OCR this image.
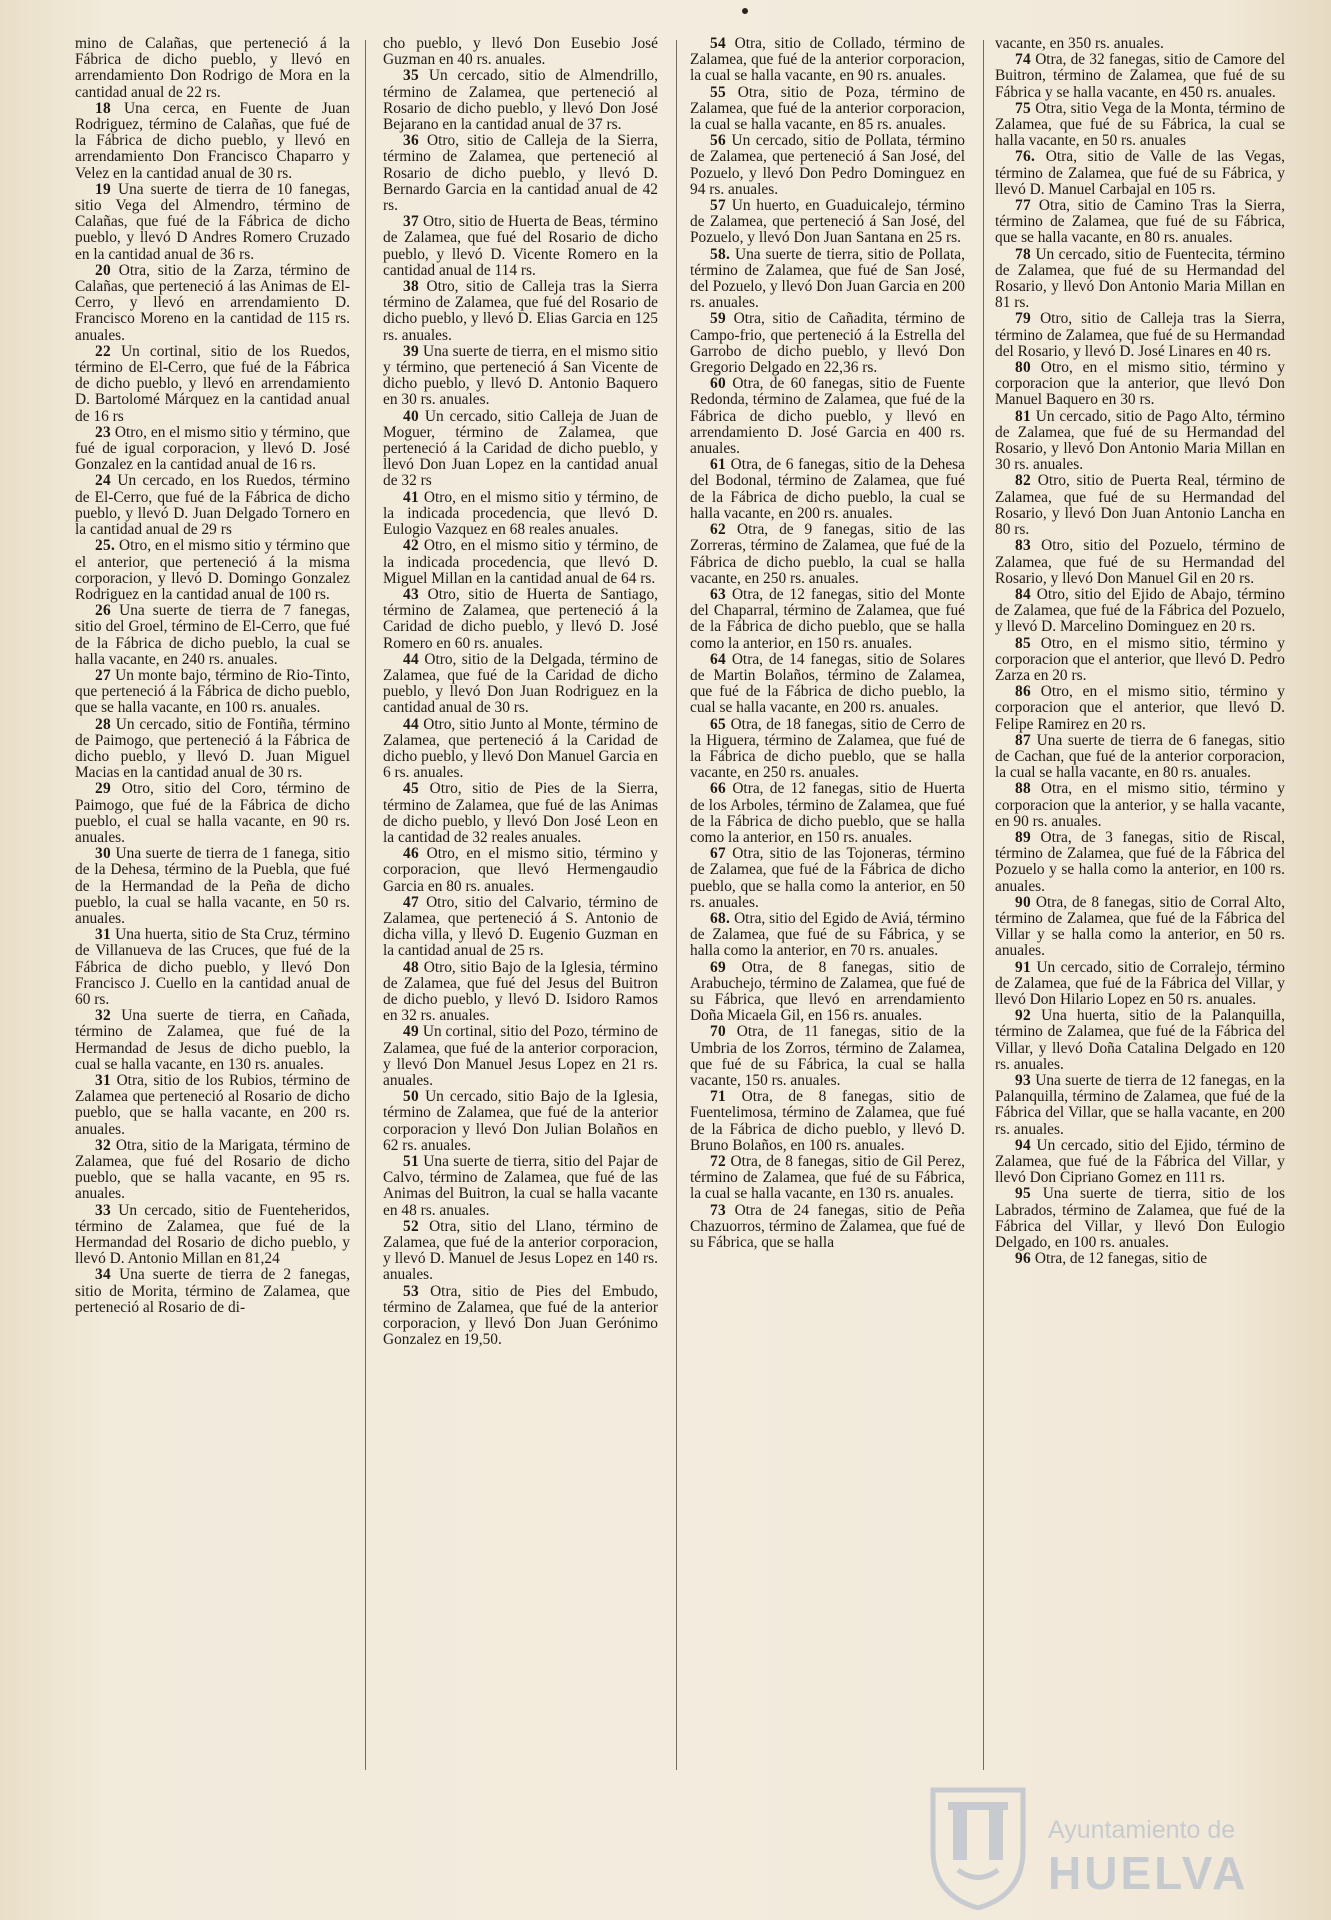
mino de Calañas, que perteneció á la Fábrica de dicho pueblo, y llevó en arrendamiento Don Rodrigo de Mora en la cantidad anual de 22 rs.

18 Una cerca, en Fuente de Juan Rodriguez, término de Calañas, que fué de la Fábrica de dicho pueblo, y llevó en arrendamiento Don Francisco Chaparro y Velez en la cantidad anual de 30 rs.

19 Una suerte de tierra de 10 fanegas, sitio Vega del Almendro, término de Calañas, que fué de la Fábrica de dicho pueblo, y llevó D Andres Romero Cruzado en la cantidad anual de 36 rs.

20 Otra, sitio de la Zarza, término de Calañas, que perteneció á las Animas de El-Cerro, y llevó en arrendamiento D. Francisco Moreno en la cantidad de 115 rs. anuales.

22 Un cortinal, sitio de los Ruedos, término de El-Cerro, que fué de la Fábrica de dicho pueblo, y llevó en arrendamiento D. Bartolomé Márquez en la cantidad anual de 16 rs

23 Otro, en el mismo sitio y término, que fué de igual corporacion, y llevó D. José Gonzalez en la cantidad anual de 16 rs.

24 Un cercado, en los Ruedos, término de El-Cerro, que fué de la Fábrica de dicho pueblo, y llevó D. Juan Delgado Tornero en la cantidad anual de 29 rs

25. Otro, en el mismo sitio y término que el anterior, que perteneció á la misma corporacion, y llevó D. Domingo Gonzalez Rodriguez en la cantidad anual de 100 rs.

26 Una suerte de tierra de 7 fanegas, sitio del Groel, término de El-Cerro, que fué de la Fábrica de dicho pueblo, la cual se halla vacante, en 240 rs. anuales.

27 Un monte bajo, término de Rio-Tinto, que perteneció á la Fábrica de dicho pueblo, que se halla vacante, en 100 rs. anuales.

28 Un cercado, sitio de Fontiña, término de Paimogo, que perteneció á la Fábrica de dicho pueblo, y llevó D. Juan Miguel Macias en la cantidad anual de 30 rs.

29 Otro, sitio del Coro, término de Paimogo, que fué de la Fábrica de dicho pueblo, el cual se halla vacante, en 90 rs. anuales.

30 Una suerte de tierra de 1 fanega, sitio de la Dehesa, término de la Puebla, que fué de la Hermandad de la Peña de dicho pueblo, la cual se halla vacante, en 50 rs. anuales.

31 Una huerta, sitio de Sta Cruz, término de Villanueva de las Cruces, que fué de la Fábrica de dicho pueblo, y llevó Don Francisco J. Cuello en la cantidad anual de 60 rs.

32 Una suerte de tierra, en Cañada, término de Zalamea, que fué de la Hermandad de Jesus de dicho pueblo, la cual se halla vacante, en 130 rs. anuales.

31 Otra, sitio de los Rubios, término de Zalamea que perteneció al Rosario de dicho pueblo, que se halla vacante, en 200 rs. anuales.

32 Otra, sitio de la Marigata, término de Zalamea, que fué del Rosario de dicho pueblo, que se halla vacante, en 95 rs. anuales.

33 Un cercado, sitio de Fuenteheridos, término de Zalamea, que fué de la Hermandad del Rosario de dicho pueblo, y llevó D. Antonio Millan en 81,24

34 Una suerte de tierra de 2 fanegas, sitio de Morita, término de Zalamea, que perteneció al Rosario de di-

cho pueblo, y llevó Don Eusebio José Guzman en 40 rs. anuales.

35 Un cercado, sitio de Almendrillo, término de Zalamea, que perteneció al Rosario de dicho pueblo, y llevó Don José Bejarano en la cantidad anual de 37 rs.

36 Otro, sitio de Calleja de la Sierra, término de Zalamea, que perteneció al Rosario de dicho pueblo, y llevó D. Bernardo Garcia en la cantidad anual de 42 rs.

37 Otro, sitio de Huerta de Beas, término de Zalamea, que fué del Rosario de dicho pueblo, y llevó D. Vicente Romero en la cantidad anual de 114 rs.

38 Otro, sitio de Calleja tras la Sierra término de Zalamea, que fué del Rosario de dicho pueblo, y llevó D. Elias Garcia en 125 rs. anuales.

39 Una suerte de tierra, en el mismo sitio y término, que perteneció á San Vicente de dicho pueblo, y llevó D. Antonio Baquero en 30 rs. anuales.

40 Un cercado, sitio Calleja de Juan de Moguer, término de Zalamea, que perteneció á la Caridad de dicho pueblo, y llevó Don Juan Lopez en la cantidad anual de 32 rs

41 Otro, en el mismo sitio y término, de la indicada procedencia, que llevó D. Eulogio Vazquez en 68 reales anuales.

42 Otro, en el mismo sitio y término, de la indicada procedencia, que llevó D. Miguel Millan en la cantidad anual de 64 rs.

43 Otro, sitio de Huerta de Santiago, término de Zalamea, que perteneció á la Caridad de dicho pueblo, y llevó D. José Romero en 60 rs. anuales.

44 Otro, sitio de la Delgada, término de Zalamea, que fué de la Caridad de dicho pueblo, y llevó Don Juan Rodriguez en la cantidad anual de 30 rs.

44 Otro, sitio Junto al Monte, término de Zalamea, que perteneció á la Caridad de dicho pueblo, y llevó Don Manuel Garcia en 6 rs. anuales.

45 Otro, sitio de Pies de la Sierra, término de Zalamea, que fué de las Animas de dicho pueblo, y llevó Don José Leon en la cantidad de 32 reales anuales.

46 Otro, en el mismo sitio, término y corporacion, que llevó Hermengaudio Garcia en 80 rs. anuales.

47 Otro, sitio del Calvario, término de Zalamea, que perteneció á S. Antonio de dicha villa, y llevó D. Eugenio Guzman en la cantidad anual de 25 rs.

48 Otro, sitio Bajo de la Iglesia, término de Zalamea, que fué del Jesus del Buitron de dicho pueblo, y llevó D. Isidoro Ramos en 32 rs. anuales.

49 Un cortinal, sitio del Pozo, término de Zalamea, que fué de la anterior corporacion, y llevó Don Manuel Jesus Lopez en 21 rs. anuales.

50 Un cercado, sitio Bajo de la Iglesia, término de Zalamea, que fué de la anterior corporacion y llevó Don Julian Bolaños en 62 rs. anuales.

51 Una suerte de tierra, sitio del Pajar de Calvo, término de Zalamea, que fué de las Animas del Buitron, la cual se halla vacante en 48 rs. anuales.

52 Otra, sitio del Llano, término de Zalamea, que fué de la anterior corporacion, y llevó D. Manuel de Jesus Lopez en 140 rs. anuales.

53 Otra, sitio de Pies del Embudo, término de Zalamea, que fué de la anterior corporacion, y llevó Don Juan Gerónimo Gonzalez en 19,50.

54 Otra, sitio de Collado, término de Zalamea, que fué de la anterior corporacion, la cual se halla vacante, en 90 rs. anuales.

55 Otra, sitio de Poza, término de Zalamea, que fué de la anterior corporacion, la cual se halla vacante, en 85 rs. anuales.

56 Un cercado, sitio de Pollata, término de Zalamea, que perteneció á San José, del Pozuelo, y llevó Don Pedro Dominguez en 94 rs. anuales.

57 Un huerto, en Guaduicalejo, término de Zalamea, que perteneció á San José, del Pozuelo, y llevó Don Juan Santana en 25 rs.

58. Una suerte de tierra, sitio de Pollata, término de Zalamea, que fué de San José, del Pozuelo, y llevó Don Juan Garcia en 200 rs. anuales.

59 Otra, sitio de Cañadita, término de Campo-frio, que perteneció á la Estrella del Garrobo de dicho pueblo, y llevó Don Gregorio Delgado en 22,36 rs.

60 Otra, de 60 fanegas, sitio de Fuente Redonda, término de Zalamea, que fué de la Fábrica de dicho pueblo, y llevó en arrendamiento D. José Garcia en 400 rs. anuales.

61 Otra, de 6 fanegas, sitio de la Dehesa del Bodonal, término de Zalamea, que fué de la Fábrica de dicho pueblo, la cual se halla vacante, en 200 rs. anuales.

62 Otra, de 9 fanegas, sitio de las Zorreras, término de Zalamea, que fué de la Fábrica de dicho pueblo, la cual se halla vacante, en 250 rs. anuales.

63 Otra, de 12 fanegas, sitio del Monte del Chaparral, término de Zalamea, que fué de la Fábrica de dicho pueblo, que se halla como la anterior, en 150 rs. anuales.

64 Otra, de 14 fanegas, sitio de Solares de Martin Bolaños, término de Zalamea, que fué de la Fábrica de dicho pueblo, la cual se halla vacante, en 200 rs. anuales.

65 Otra, de 18 fanegas, sitio de Cerro de la Higuera, término de Zalamea, que fué de la Fábrica de dicho pueblo, que se halla vacante, en 250 rs. anuales.

66 Otra, de 12 fanegas, sitio de Huerta de los Arboles, término de Zalamea, que fué de la Fábrica de dicho pueblo, que se halla como la anterior, en 150 rs. anuales.

67 Otra, sitio de las Tojoneras, término de Zalamea, que fué de la Fábrica de dicho pueblo, que se halla como la anterior, en 50 rs. anuales.

68. Otra, sitio del Egido de Aviá, término de Zalamea, que fué de su Fábrica, y se halla como la anterior, en 70 rs. anuales.

69 Otra, de 8 fanegas, sitio de Arabuchejo, término de Zalamea, que fué de su Fábrica, que llevó en arrendamiento Doña Micaela Gil, en 156 rs. anuales.

70 Otra, de 11 fanegas, sitio de la Umbria de los Zorros, término de Zalamea, que fué de su Fábrica, la cual se halla vacante, 150 rs. anuales.

71 Otra, de 8 fanegas, sitio de Fuentelimosa, término de Zalamea, que fué de la Fábrica de dicho pueblo, y llevó D. Bruno Bolaños, en 100 rs. anuales.

72 Otra, de 8 fanegas, sitio de Gil Perez, término de Zalamea, que fué de su Fábrica, la cual se halla vacante, en 130 rs. anuales.

73 Otra de 24 fanegas, sitio de Peña Chazuorros, término de Zalamea, que fué de su Fábrica, que se halla

vacante, en 350 rs. anuales.

74 Otra, de 32 fanegas, sitio de Camore del Buitron, término de Zalamea, que fué de su Fábrica y se halla vacante, en 450 rs. anuales.

75 Otra, sitio Vega de la Monta, término de Zalamea, que fué de su Fábrica, la cual se halla vacante, en 50 rs. anuales

76. Otra, sitio de Valle de las Vegas, término de Zalamea, que fué de su Fábrica, y llevó D. Manuel Carbajal en 105 rs.

77 Otra, sitio de Camino Tras la Sierra, término de Zalamea, que fué de su Fábrica, que se halla vacante, en 80 rs. anuales.

78 Un cercado, sitio de Fuentecita, término de Zalamea, que fué de su Hermandad del Rosario, y llevó Don Antonio Maria Millan en 81 rs.

79 Otro, sitio de Calleja tras la Sierra, término de Zalamea, que fué de su Hermandad del Rosario, y llevó D. José Linares en 40 rs.

80 Otro, en el mismo sitio, término y corporacion que la anterior, que llevó Don Manuel Baquero en 30 rs.

81 Un cercado, sitio de Pago Alto, término de Zalamea, que fué de su Hermandad del Rosario, y llevó Don Antonio Maria Millan en 30 rs. anuales.

82 Otro, sitio de Puerta Real, término de Zalamea, que fué de su Hermandad del Rosario, y llevó Don Juan Antonio Lancha en 80 rs.

83 Otro, sitio del Pozuelo, término de Zalamea, que fué de su Hermandad del Rosario, y llevó Don Manuel Gil en 20 rs.

84 Otro, sitio del Ejido de Abajo, término de Zalamea, que fué de la Fábrica del Pozuelo, y llevó D. Marcelino Dominguez en 20 rs.

85 Otro, en el mismo sitio, término y corporacion que el anterior, que llevó D. Pedro Zarza en 20 rs.

86 Otro, en el mismo sitio, término y corporacion que el anterior, que llevó D. Felipe Ramirez en 20 rs.

87 Una suerte de tierra de 6 fanegas, sitio de Cachan, que fué de la anterior corporacion, la cual se halla vacante, en 80 rs. anuales.

88 Otra, en el mismo sitio, término y corporacion que la anterior, y se halla vacante, en 90 rs. anuales.

89 Otra, de 3 fanegas, sitio de Riscal, término de Zalamea, que fué de la Fábrica del Pozuelo y se halla como la anterior, en 100 rs. anuales.

90 Otra, de 8 fanegas, sitio de Corral Alto, término de Zalamea, que fué de la Fábrica del Villar y se halla como la anterior, en 50 rs. anuales.

91 Un cercado, sitio de Corralejo, término de Zalamea, que fué de la Fábrica del Villar, y llevó Don Hilario Lopez en 50 rs. anuales.

92 Una huerta, sitio de la Palanquilla, término de Zalamea, que fué de la Fábrica del Villar, y llevó Doña Catalina Delgado en 120 rs. anuales.

93 Una suerte de tierra de 12 fanegas, en la Palanquilla, término de Zalamea, que fué de la Fábrica del Villar, que se halla vacante, en 200 rs. anuales.

94 Un cercado, sitio del Ejido, término de Zalamea, que fué de la Fábrica del Villar, y llevó Don Cipriano Gomez en 111 rs.

95 Una suerte de tierra, sitio de los Labrados, término de Zalamea, que fué de la Fábrica del Villar, y llevó Don Eulogio Delgado, en 100 rs. anuales.

96 Otra, de 12 fanegas, sitio de

Ayuntamiento de
HUELVA
